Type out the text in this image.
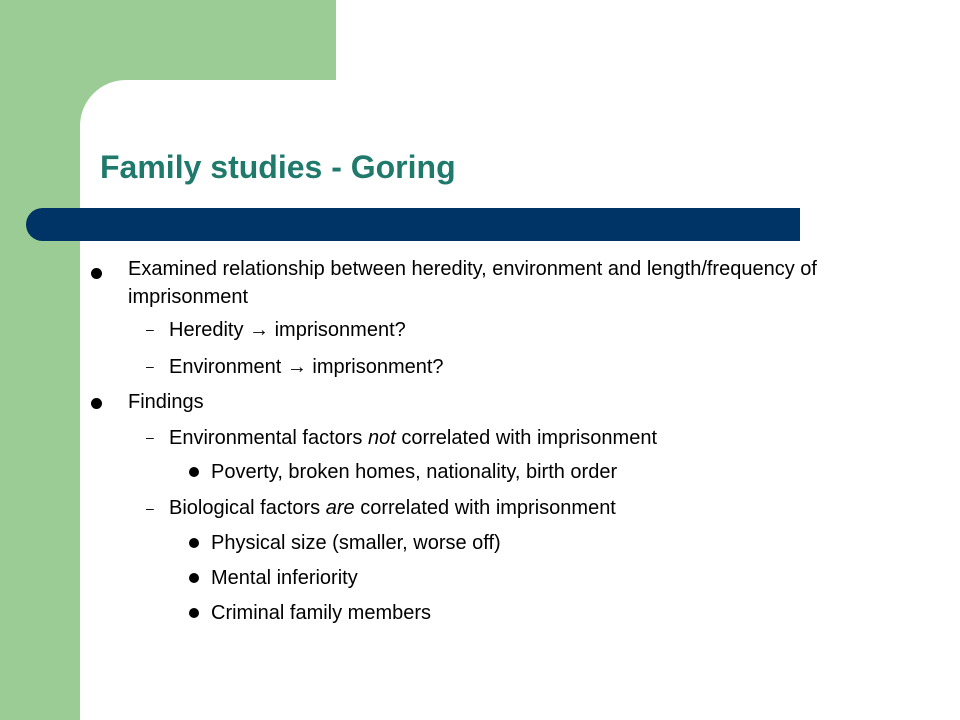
Family studies - Goring
Examined relationship between heredity, environment and length/frequency of imprisonment
– Heredity → imprisonment?
– Environment → imprisonment?
Findings
– Environmental factors not correlated with imprisonment
Poverty, broken homes, nationality, birth order
– Biological factors are correlated with imprisonment
Physical size (smaller, worse off)
Mental inferiority
Criminal family members
